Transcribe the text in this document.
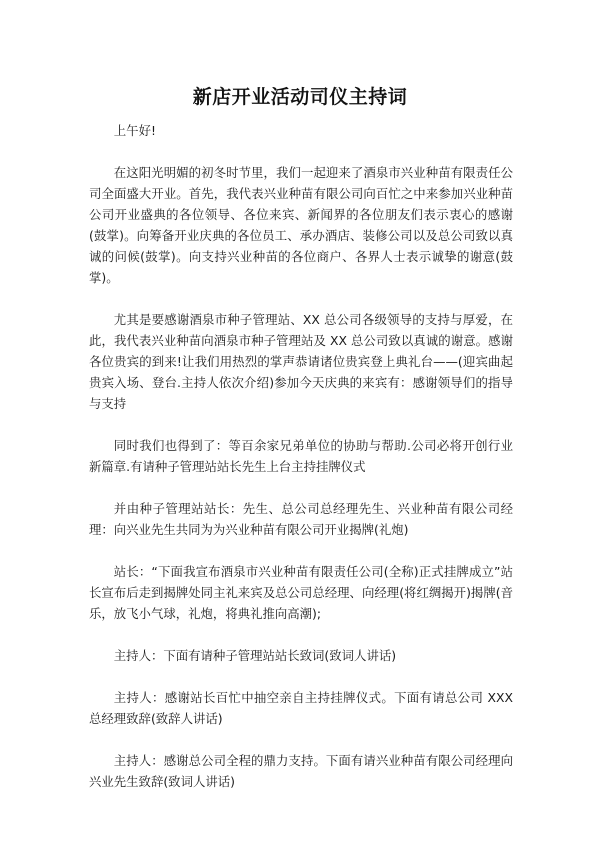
新店开业活动司仪主持词

上午好!

在这阳光明媚的初冬时节里，我们一起迎来了酒泉市兴业种苗有限责任公司全面盛大开业。首先，我代表兴业种苗有限公司向百忙之中来参加兴业种苗公司开业盛典的各位领导、各位来宾、新闻界的各位朋友们表示衷心的感谢(鼓掌)。向筹备开业庆典的各位员工、承办酒店、装修公司以及总公司致以真诚的问候(鼓掌)。向支持兴业种苗的各位商户、各界人士表示诚挚的谢意(鼓掌)。

尤其是要感谢酒泉市种子管理站、XX 总公司各级领导的支持与厚爱，在此，我代表兴业种苗向酒泉市种子管理站及 XX 总公司致以真诚的谢意。感谢各位贵宾的到来!让我们用热烈的掌声恭请诸位贵宾登上典礼台——(迎宾曲起贵宾入场、登台.主持人依次介绍)参加今天庆典的来宾有：感谢领导们的指导与支持

同时我们也得到了：等百余家兄弟单位的协助与帮助.公司必将开创行业新篇章.有请种子管理站站长先生上台主持挂牌仪式

并由种子管理站站长：先生、总公司总经理先生、兴业种苗有限公司经理：向兴业先生共同为为兴业种苗有限公司开业揭牌(礼炮)

站长：“下面我宣布酒泉市兴业种苗有限责任公司(全称)正式挂牌成立”站长宣布后走到揭牌处同主礼来宾及总公司总经理、向经理(将红绸揭开)揭牌(音乐，放飞小气球，礼炮，将典礼推向高潮);

主持人：下面有请种子管理站站长致词(致词人讲话)

主持人：感谢站长百忙中抽空亲自主持挂牌仪式。下面有请总公司 XXX 总经理致辞(致辞人讲话)

主持人：感谢总公司全程的鼎力支持。下面有请兴业种苗有限公司经理向兴业先生致辞(致词人讲话)
